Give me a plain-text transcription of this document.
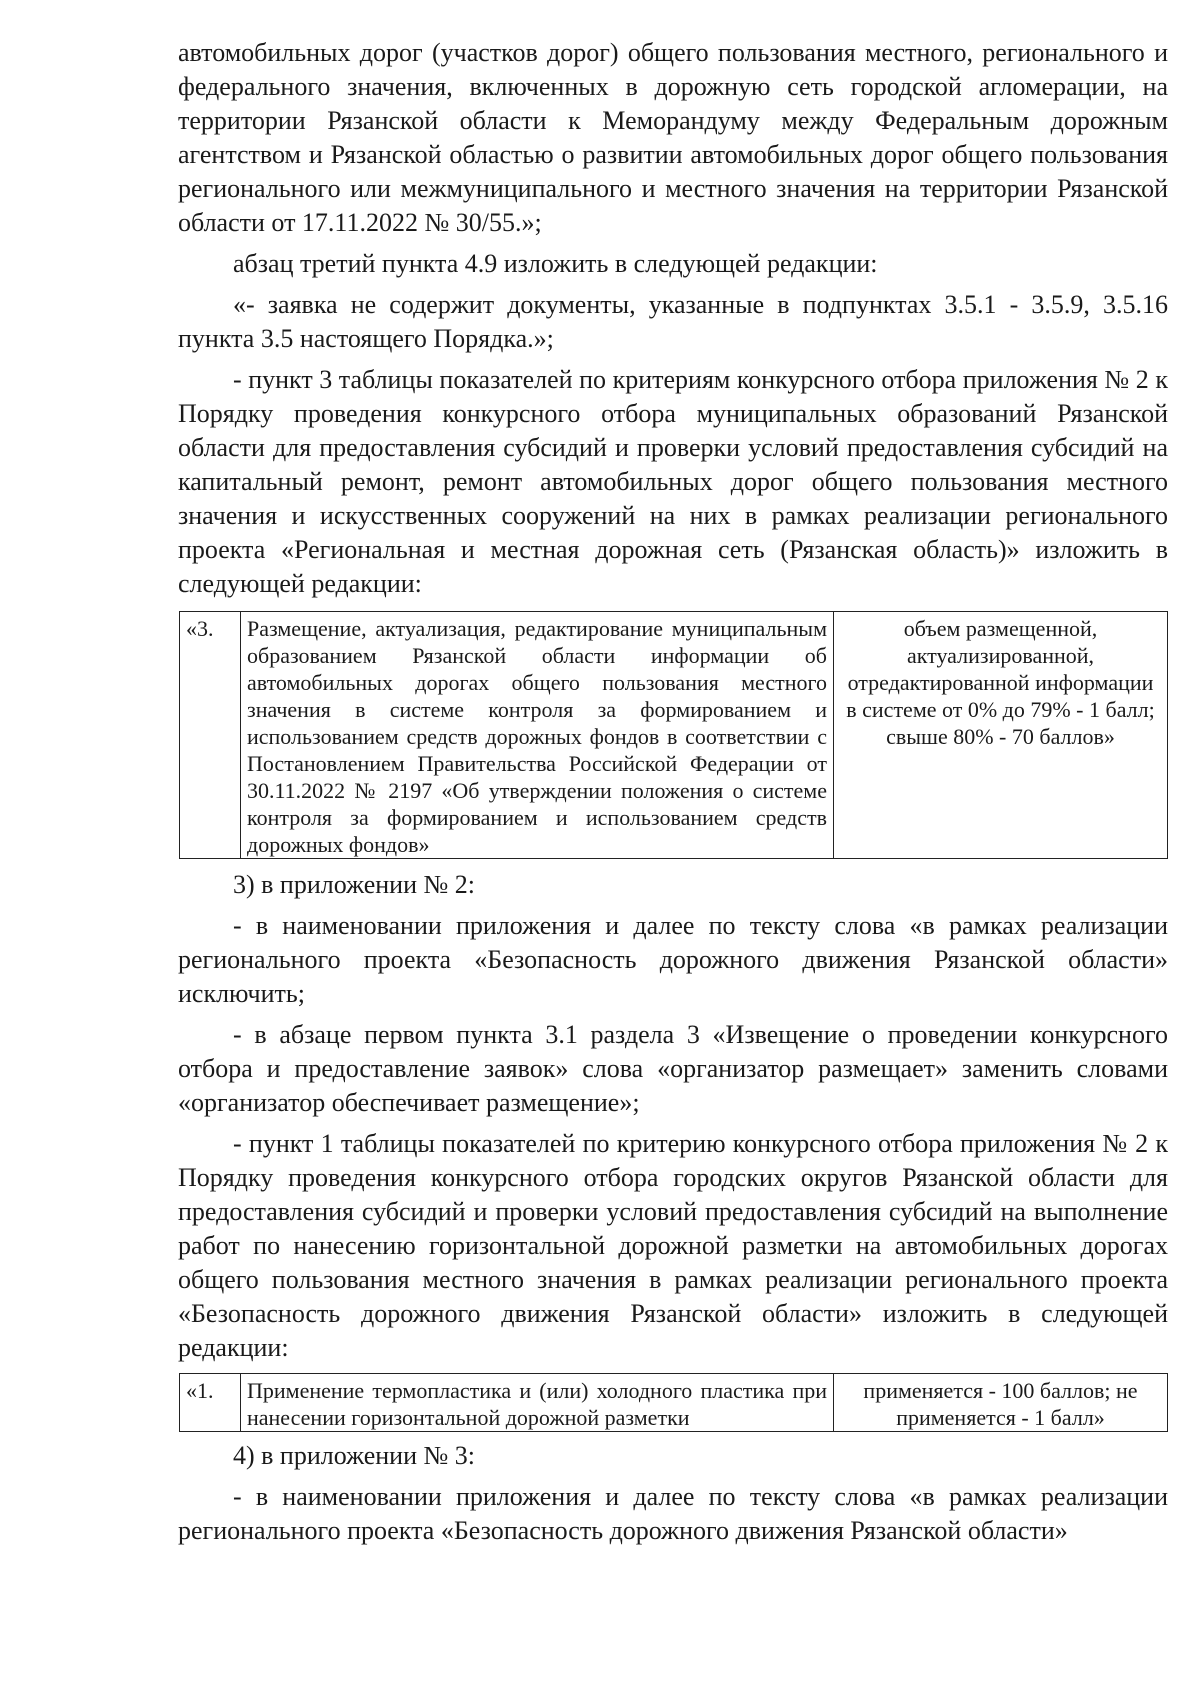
автомобильных дорог (участков дорог) общего пользования местного, регионального и федерального значения, включенных в дорожную сеть городской агломерации, на территории Рязанской области к Меморандуму между Федеральным дорожным агентством и Рязанской областью о развитии автомобильных дорог общего пользования регионального или межмуниципального и местного значения на территории Рязанской области от 17.11.2022 № 30/55.»;

абзац третий пункта 4.9 изложить в следующей редакции:

«- заявка не содержит документы, указанные в подпунктах 3.5.1 - 3.5.9, 3.5.16 пункта 3.5 настоящего Порядка.»;

- пункт 3 таблицы показателей по критериям конкурсного отбора приложения № 2 к Порядку проведения конкурсного отбора муниципальных образований Рязанской области для предоставления субсидий и проверки условий предоставления субсидий на капитальный ремонт, ремонт автомобильных дорог общего пользования местного значения и искусственных сооружений на них в рамках реализации регионального проекта «Региональная и местная дорожная сеть (Рязанская область)» изложить в следующей редакции:

«3.	Размещение, актуализация, редактирование муниципальным образованием Рязанской области информации об автомобильных дорогах общего пользования местного значения в системе контроля за формированием и использованием средств дорожных фондов в соответствии с Постановлением Правительства Российской Федерации от 30.11.2022 № 2197 «Об утверждении положения о системе контроля за формированием и использованием средств дорожных фондов»	объем размещенной, актуализированной, отредактированной информации в системе от 0% до 79% - 1 балл; свыше 80% - 70 баллов»

3) в приложении № 2:

- в наименовании приложения и далее по тексту слова «в рамках реализации регионального проекта «Безопасность дорожного движения Рязанской области» исключить;

- в абзаце первом пункта 3.1 раздела 3 «Извещение о проведении конкурсного отбора и предоставление заявок» слова «организатор размещает» заменить словами «организатор обеспечивает размещение»;

- пункт 1 таблицы показателей по критерию конкурсного отбора приложения № 2 к Порядку проведения конкурсного отбора городских округов Рязанской области для предоставления субсидий и проверки условий предоставления субсидий на выполнение работ по нанесению горизонтальной дорожной разметки на автомобильных дорогах общего пользования местного значения в рамках реализации регионального проекта «Безопасность дорожного движения Рязанской области» изложить в следующей редакции:

«1.	Применение термопластика и (или) холодного пластика при нанесении горизонтальной дорожной разметки	применяется - 100 баллов; не применяется - 1 балл»

4) в приложении № 3:

- в наименовании приложения и далее по тексту слова «в рамках реализации регионального проекта «Безопасность дорожного движения Рязанской области»
